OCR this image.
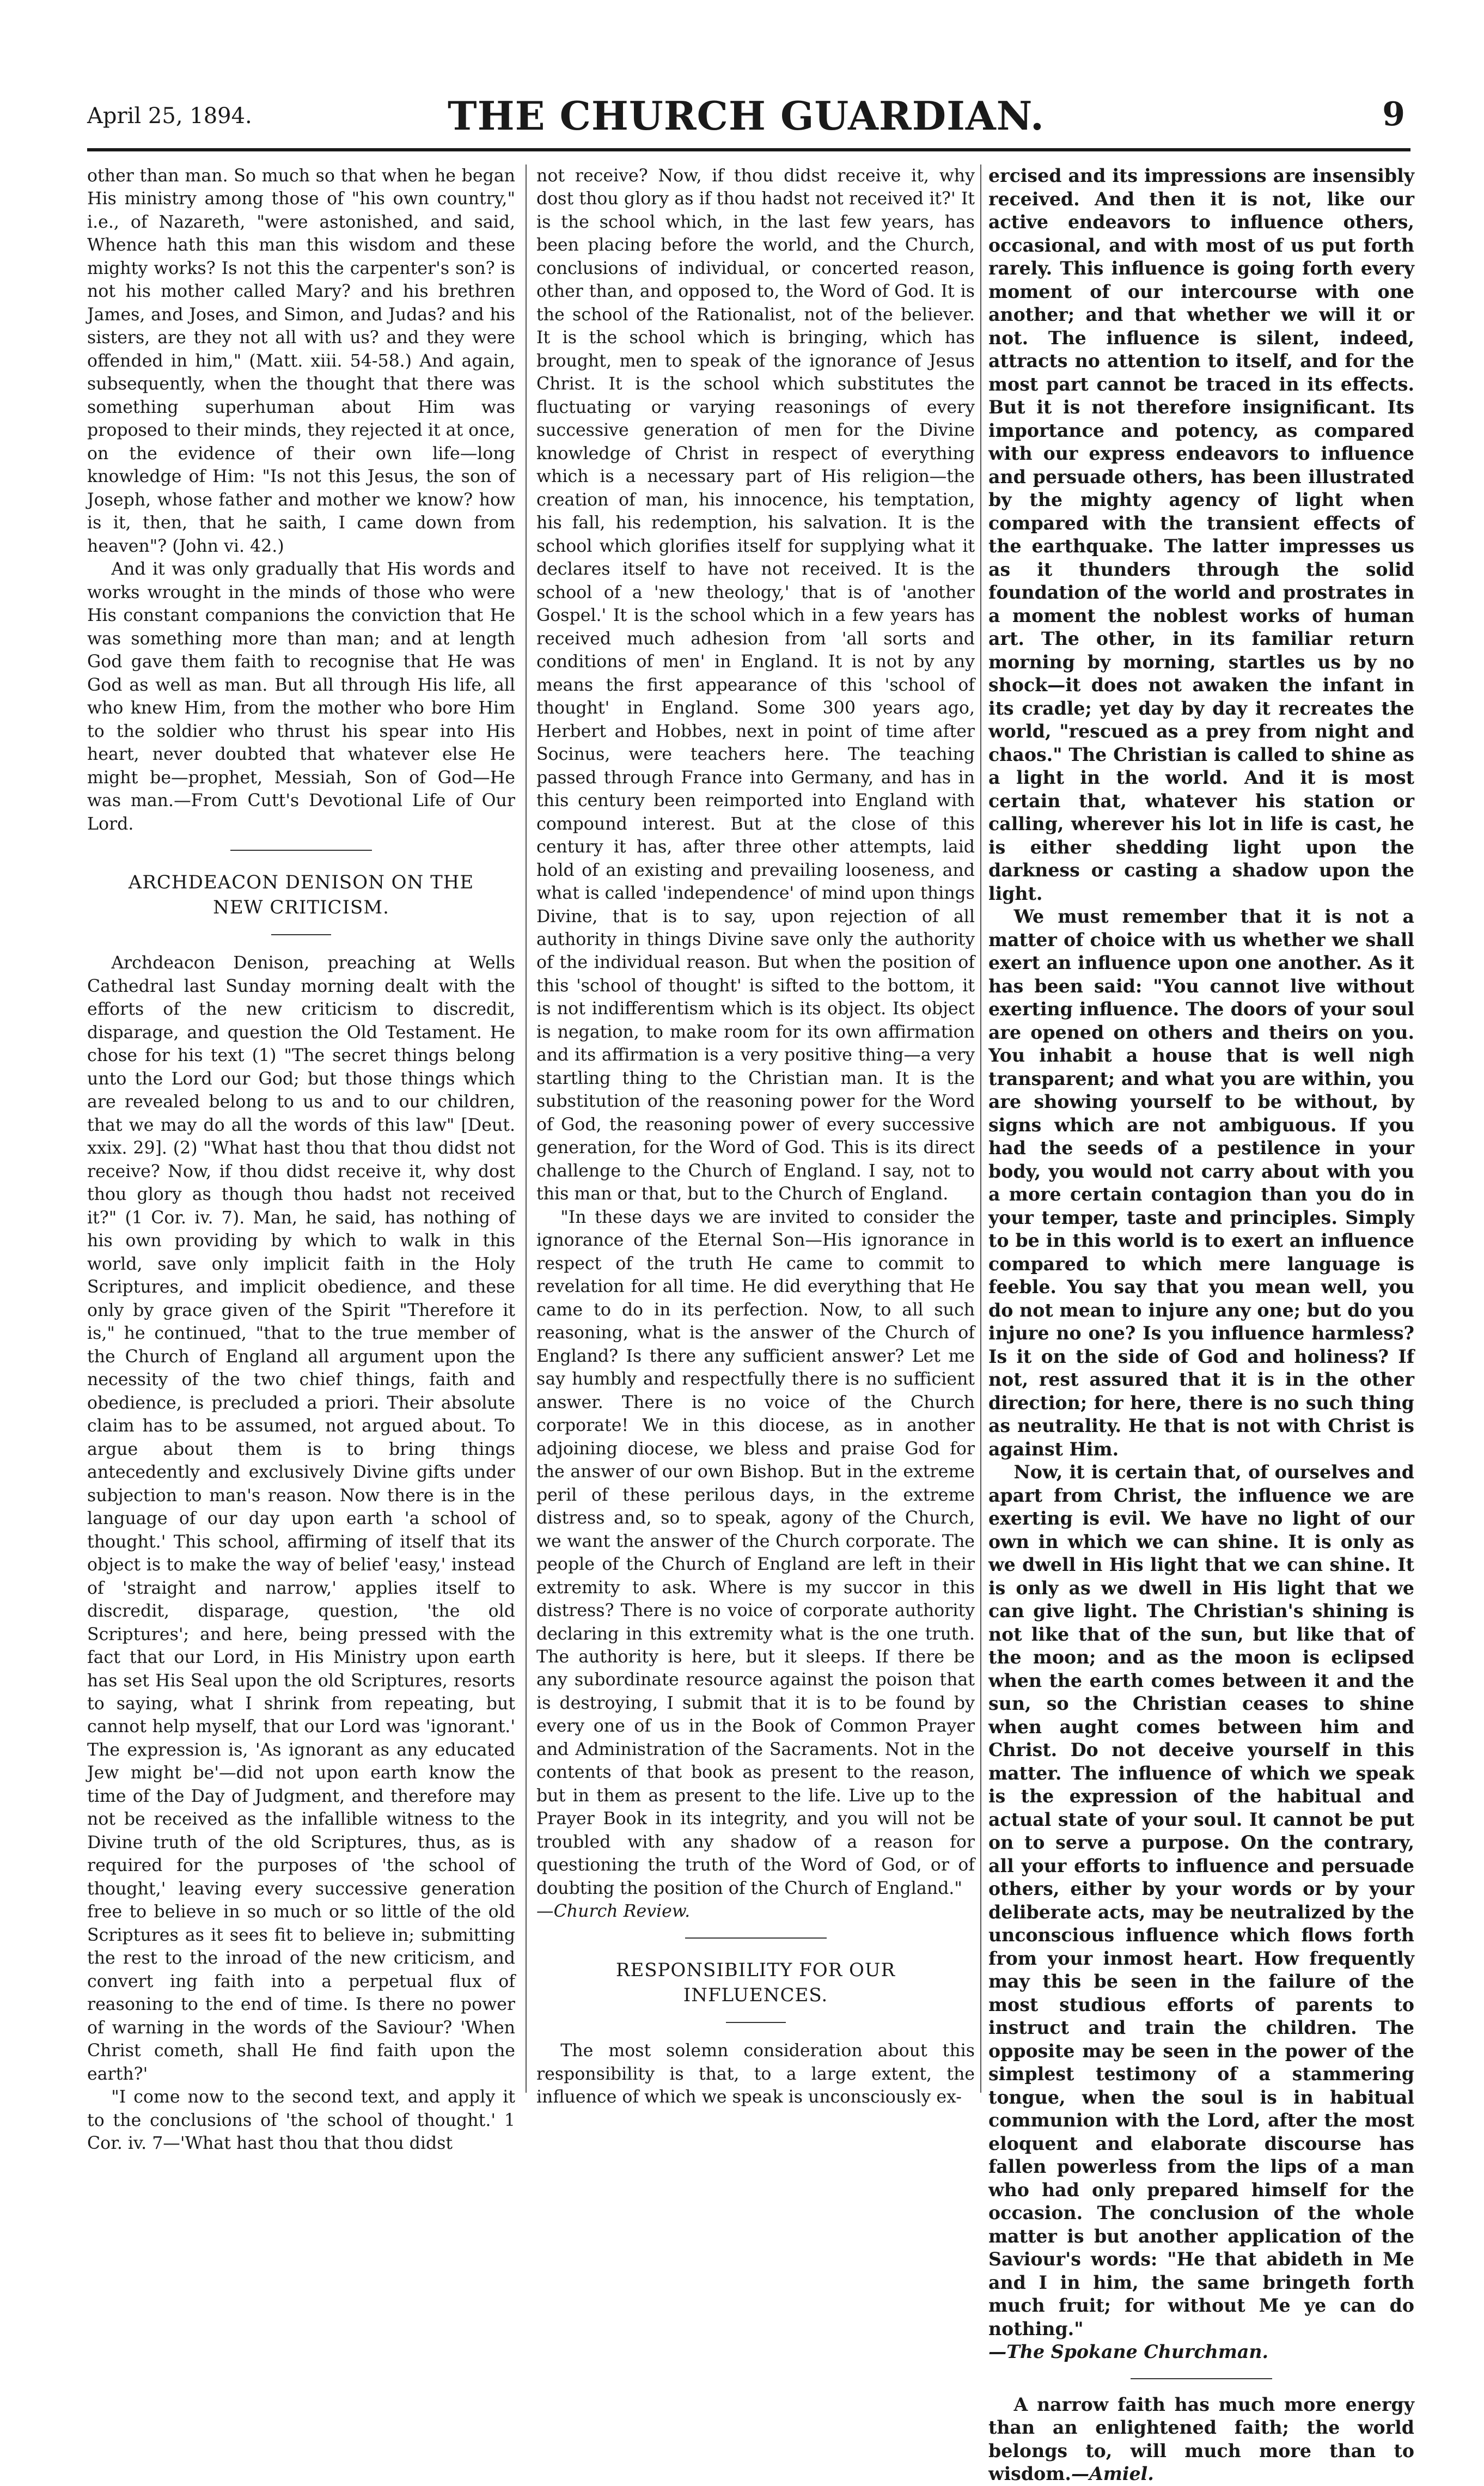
April 25, 1894.	THE CHURCH GUARDIAN.	9

other than man. So much so that when he began His ministry among those of "his own country," i.e., of Nazareth, "were astonished, and said, Whence hath this man this wisdom and these mighty works? Is not this the carpenter's son? is not his mother called Mary? and his brethren James, and Joses, and Simon, and Judas? and his sisters, are they not all with us? and they were offended in him," (Matt. xiii. 54-58.) And again, subsequently, when the thought that there was something superhuman about Him was proposed to their minds, they rejected it at once, on the evidence of their own life—long knowledge of Him: "Is not this Jesus, the son of Joseph, whose father and mother we know? how is it, then, that he saith, I came down from heaven"? (John vi. 42.)

And it was only gradually that His words and works wrought in the minds of those who were His constant companions the conviction that He was something more than man; and at length God gave them faith to recognise that He was God as well as man. But all through His life, all who knew Him, from the mother who bore Him to the soldier who thrust his spear into His heart, never doubted that whatever else He might be—prophet, Messiah, Son of God—He was man.—From Cutt's Devotional Life of Our Lord.

ARCHDEACON DENISON ON THE NEW CRITICISM.

Archdeacon Denison, preaching at Wells Cathedral last Sunday morning dealt with the efforts of the new criticism to discredit, disparage, and question the Old Testament. He chose for his text (1) "The secret things belong unto the Lord our God; but those things which are revealed belong to us and to our children, that we may do all the words of this law" [Deut. xxix. 29]. (2) "What hast thou that thou didst not receive? Now, if thou didst receive it, why dost thou glory as though thou hadst not received it?" (1 Cor. iv. 7). Man, he said, has nothing of his own providing by which to walk in this world, save only implicit faith in the Holy Scriptures, and implicit obedience, and these only by grace given of the Spirit "Therefore it is," he continued, "that to the true member of the Church of England all argument upon the necessity of the two chief things, faith and obedience, is precluded a priori. Their absolute claim has to be assumed, not argued about. To argue about them is to bring things antecedently and exclusively Divine gifts under subjection to man's reason. Now there is in the language of our day upon earth 'a school of thought.' This school, affirming of itself that its object is to make the way of belief 'easy,' instead of 'straight and narrow,' applies itself to discredit, disparage, question, 'the old Scriptures'; and here, being pressed with the fact that our Lord, in His Ministry upon earth has set His Seal upon the old Scriptures, resorts to saying, what I shrink from repeating, but cannot help myself, that our Lord was 'ignorant.' The expression is, 'As ignorant as any educated Jew might be'—did not upon earth know the time of the Day of Judgment, and therefore may not be received as the infallible witness to the Divine truth of the old Scriptures, thus, as is required for the purposes of 'the school of thought,' leaving every successive generation free to believe in so much or so little of the old Scriptures as it sees fit to believe in; submitting the rest to the inroad of the new criticism, and convert ing faith into a perpetual flux of reasoning to the end of time. Is there no power of warning in the words of the Saviour? 'When Christ cometh, shall He find faith upon the earth?'

"I come now to the second text, and apply it to the conclusions of 'the school of thought.' 1 Cor. iv. 7—'What hast thou that thou didst

not receive? Now, if thou didst receive it, why dost thou glory as if thou hadst not received it?' It is the school which, in the last few years, has been placing before the world, and the Church, conclusions of individual, or concerted reason, other than, and opposed to, the Word of God. It is the school of the Rationalist, not of the believer. It is the school which is bringing, which has brought, men to speak of the ignorance of Jesus Christ. It is the school which substitutes the fluctuating or varying reasonings of every successive generation of men for the Divine knowledge of Christ in respect of everything which is a necessary part of His religion—the creation of man, his innocence, his temptation, his fall, his redemption, his salvation. It is the school which glorifies itself for supplying what it declares itself to have not received. It is the school of a 'new theology,' that is of 'another Gospel.' It is the school which in a few years has received much adhesion from 'all sorts and conditions of men' in England. It is not by any means the first appearance of this 'school of thought' in England. Some 300 years ago, Herbert and Hobbes, next in point of time after Socinus, were teachers here. The teaching passed through France into Germany, and has in this century been reimported into England with compound interest. But at the close of this century it has, after three other attempts, laid hold of an existing and prevailing looseness, and what is called 'independence' of mind upon things Divine, that is to say, upon rejection of all authority in things Divine save only the authority of the individual reason. But when the position of this 'school of thought' is sifted to the bottom, it is not indifferentism which is its object. Its object is negation, to make room for its own affirmation and its affirmation is a very positive thing—a very startling thing to the Christian man. It is the substitution of the reasoning power for the Word of God, the reasoning power of every successive generation, for the Word of God. This is its direct challenge to the Church of England. I say, not to this man or that, but to the Church of England.

"In these days we are invited to consider the ignorance of the Eternal Son—His ignorance in respect of the truth He came to commit to revelation for all time. He did everything that He came to do in its perfection. Now, to all such reasoning, what is the answer of the Church of England? Is there any sufficient answer? Let me say humbly and respectfully there is no sufficient answer. There is no voice of the Church corporate! We in this diocese, as in another adjoining diocese, we bless and praise God for the answer of our own Bishop. But in the extreme peril of these perilous days, in the extreme distress and, so to speak, agony of the Church, we want the answer of the Church corporate. The people of the Church of England are left in their extremity to ask. Where is my succor in this distress? There is no voice of corporate authority declaring in this extremity what is the one truth. The authority is here, but it sleeps. If there be any subordinate resource against the poison that is destroying, I submit that it is to be found by every one of us in the Book of Common Prayer and Administration of the Sacraments. Not in the contents of that book as present to the reason, but in them as present to the life. Live up to the Prayer Book in its integrity, and you will not be troubled with any shadow of a reason for questioning the truth of the Word of God, or of doubting the position of the Church of England."

—Church Review.

RESPONSIBILITY FOR OUR INFLUENCES.

The most solemn consideration about this responsibility is that, to a large extent, the influence of which we speak is unconsciously ex-

ercised and its impressions are insensibly received. And then it is not, like our active endeavors to influence others, occasional, and with most of us put forth rarely. This influence is going forth every moment of our intercourse with one another; and that whether we will it or not. The influence is silent, indeed, attracts no attention to itself, and for the most part cannot be traced in its effects. But it is not therefore insignificant. Its importance and potency, as compared with our express endeavors to influence and persuade others, has been illustrated by the mighty agency of light when compared with the transient effects of the earthquake. The latter impresses us as it thunders through the solid foundation of the world and prostrates in a moment the noblest works of human art. The other, in its familiar return morning by morning, startles us by no shock—it does not awaken the infant in its cradle; yet day by day it recreates the world, "rescued as a prey from night and chaos." The Christian is called to shine as a light in the world. And it is most certain that, whatever his station or calling, wherever his lot in life is cast, he is either shedding light upon the darkness or casting a shadow upon the light.

We must remember that it is not a matter of choice with us whether we shall exert an influence upon one another. As it has been said: "You cannot live without exerting influence. The doors of your soul are opened on others and theirs on you. You inhabit a house that is well nigh transparent; and what you are within, you are showing yourself to be without, by signs which are not ambiguous. If you had the seeds of a pestilence in your body, you would not carry about with you a more certain contagion than you do in your temper, taste and principles. Simply to be in this world is to exert an influence compared to which mere language is feeble. You say that you mean well, you do not mean to injure any one; but do you injure no one? Is you influence harmless? Is it on the side of God and holiness? If not, rest assured that it is in the other direction; for here, there is no such thing as neutrality. He that is not with Christ is against Him.

Now, it is certain that, of ourselves and apart from Christ, the influence we are exerting is evil. We have no light of our own in which we can shine. It is only as we dwell in His light that we can shine. It is only as we dwell in His light that we can give light. The Christian's shining is not like that of the sun, but like that of the moon; and as the moon is eclipsed when the earth comes between it and the sun, so the Christian ceases to shine when aught comes between him and Christ. Do not deceive yourself in this matter. The influence of which we speak is the expression of the habitual and actual state of your soul. It cannot be put on to serve a purpose. On the contrary, all your efforts to influence and persuade others, either by your words or by your deliberate acts, may be neutralized by the unconscious influence which flows forth from your inmost heart. How frequently may this be seen in the failure of the most studious efforts of parents to instruct and train the children. The opposite may be seen in the power of the simplest testimony of a stammering tongue, when the soul is in habitual communion with the Lord, after the most eloquent and elaborate discourse has fallen powerless from the lips of a man who had only prepared himself for the occasion. The conclusion of the whole matter is but another application of the Saviour's words: "He that abideth in Me and I in him, the same bringeth forth much fruit; for without Me ye can do nothing."

—The Spokane Churchman.

A narrow faith has much more energy than an enlightened faith; the world belongs to, will much more than to wisdom.—Amiel.
